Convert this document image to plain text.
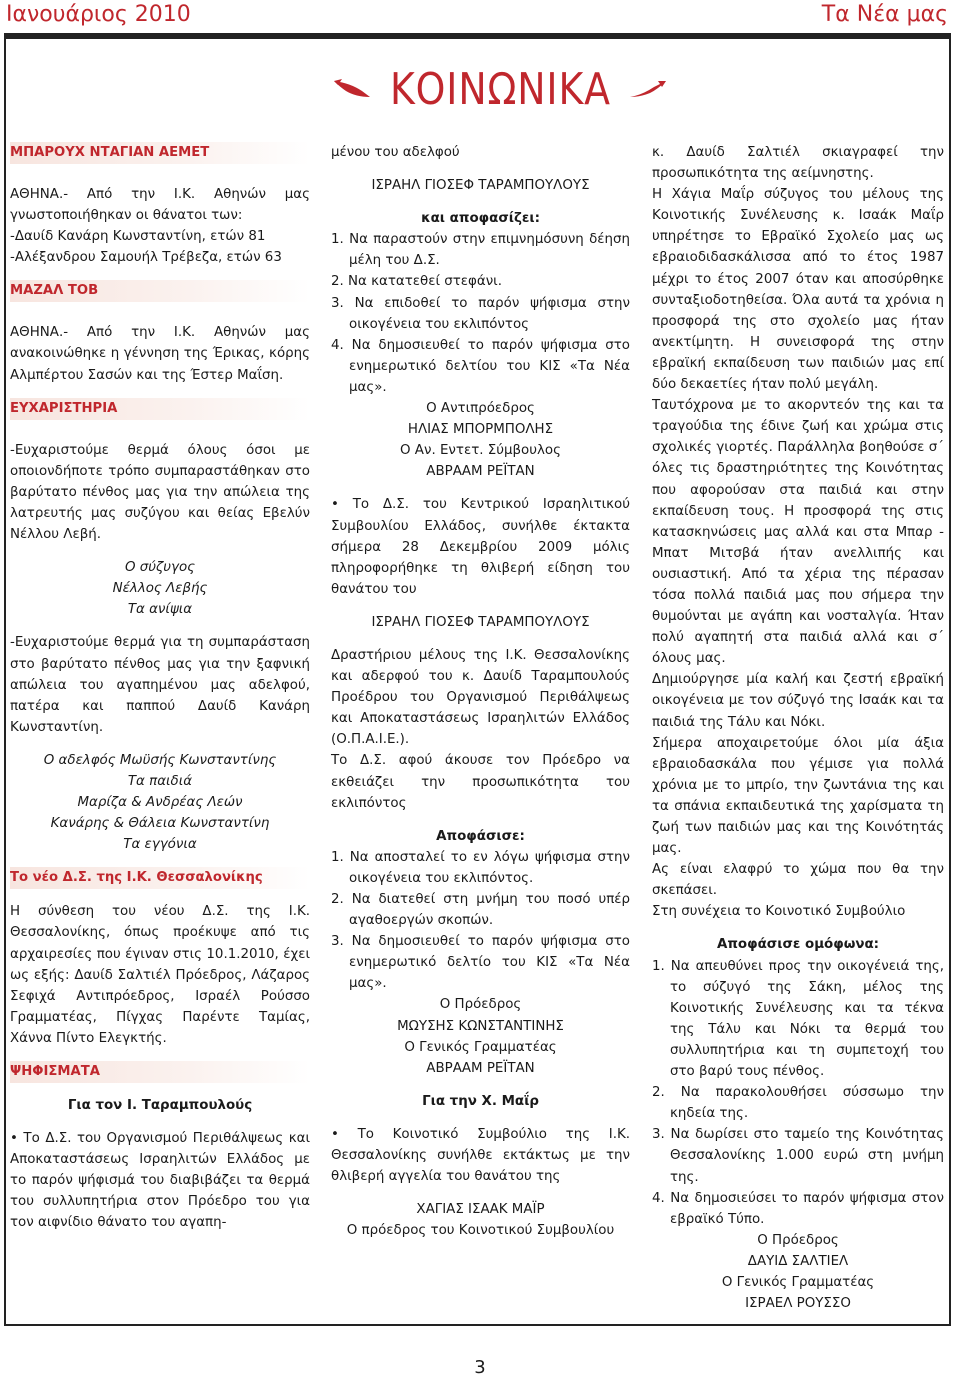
Ιανουάριος 2010	Τα Νέα μας
ΚΟΙΝΩΝΙΚΑ
ΜΠΑΡΟΥΧ ΝΤΑΓΙΑΝ ΑΕΜΕΤ

ΑΘΗΝΑ.- Από την Ι.Κ. Αθηνών μας γνωστοποιήθηκαν οι θάνατοι των:

-Δαυίδ Κανάρη Κωνσταντίνη, ετών 81

-Αλέξανδρου Σαμουήλ Τρέβεζα, ετών 63

ΜΑΖΑΛ ΤΟΒ

ΑΘΗΝΑ.- Από την Ι.Κ. Αθηνών μας ανακοινώθηκε η γέννηση της Έρικας, κόρης Αλμπέρτου Σασών και της Έστερ Μαΐση.

ΕΥΧΑΡΙΣΤΗΡΙΑ

-Ευχαριστούμε θερμά όλους όσοι με οποιονδήποτε τρόπο συμπαραστάθηκαν στο βαρύτατο πένθος μας για την απώλεια της λατρευτής μας συζύγου και θείας Εβελύν Νέλλου Λεβή.

Ο σύζυγος

Νέλλος Λεβής

Τα ανίψια

-Ευχαριστούμε θερμά για τη συμπαράσταση στο βαρύτατο πένθος μας για την ξαφνική απώλεια του αγαπημένου μας αδελφού, πατέρα και παππού Δαυίδ Κανάρη Κωνσταντίνη.

Ο αδελφός Μωϋσής Κωνσταντίνης

Τα παιδιά

Μαρίζα & Ανδρέας Λεών

Κανάρης & Θάλεια Κωνσταντίνη

Τα εγγόνια

Το νέο Δ.Σ. της Ι.Κ. Θεσσαλονίκης

Η σύνθεση του νέου Δ.Σ. της Ι.Κ. Θεσσαλονίκης, όπως προέκυψε από τις αρχαιρεσίες που έγιναν στις 10.1.2010, έχει ως εξής: Δαυίδ Σαλτιέλ Πρόεδρος, Λάζαρος Σεφιχά Αντιπρόεδρος, Ισραέλ Ρούσσο Γραμματέας, Πίγχας Παρέντε Ταμίας, Χάννα Πίντο Ελεγκτής.

ΨΗΦΙΣΜΑΤΑ

Για τον Ι. Ταραμπουλούς

• Το Δ.Σ. του Οργανισμού Περιθάλψεως και Αποκαταστάσεως Ισραηλιτών Ελλάδος με το παρόν ψήφισμά του διαβιβάζει τα θερμά του συλλυπητήρια στον Πρόεδρο του για τον αιφνίδιο θάνατο του αγαπη-

μένου του αδελφού

ΙΣΡΑΗΛ ΓΙΟΣΕΦ ΤΑΡΑΜΠΟΥΛΟΥΣ

και αποφασίζει:

1. Να παραστούν στην επιμνημόσυνη δέηση μέλη του Δ.Σ.

2. Να κατατεθεί στεφάνι.

3. Να επιδοθεί το παρόν ψήφισμα στην οικογένεια του εκλιπόντος

4. Να δημοσιευθεί το παρόν ψήφισμα στο ενημερωτικό δελτίου του ΚΙΣ «Τα Νέα μας».

Ο Αντιπρόεδρος

ΗΛΙΑΣ ΜΠΟΡΜΠΟΛΗΣ

Ο Αν. Εντετ. Σύμβουλος

ΑΒΡΑΑΜ ΡΕΪΤΑΝ

• Το Δ.Σ. του Κεντρικού Ισραηλιτικού Συμβουλίου Ελλάδος, συνήλθε έκτακτα σήμερα 28 Δεκεμβρίου 2009 μόλις πληροφορήθηκε τη θλιβερή είδηση του θανάτου του

ΙΣΡΑΗΛ ΓΙΟΣΕΦ ΤΑΡΑΜΠΟΥΛΟΥΣ

Δραστήριου μέλους της Ι.Κ. Θεσσαλονίκης και αδερφού του κ. Δαυίδ Ταραμπουλούς Προέδρου του Οργανισμού Περιθάλψεως και Αποκαταστάσεως Ισραηλιτών Ελλάδος (Ο.Π.Α.Ι.Ε.).

Το Δ.Σ. αφού άκουσε τον Πρόεδρο να εκθειάζει την προσωπικότητα του εκλιπόντος

Αποφάσισε:

1. Να αποσταλεί το εν λόγω ψήφισμα στην οικογένεια του εκλιπόντος.

2. Να διατεθεί στη μνήμη του ποσό υπέρ αγαθοεργών σκοπών.

3. Να δημοσιευθεί το παρόν ψήφισμα στο ενημερωτικό δελτίο του ΚΙΣ «Τα Νέα μας».

Ο Πρόεδρος

ΜΩΥΣΗΣ ΚΩΝΣΤΑΝΤΙΝΗΣ

Ο Γενικός Γραμματέας

ΑΒΡΑΑΜ ΡΕΪΤΑΝ

Για την Χ. Μαΐρ

• Το Κοινοτικό Συμβούλιο της Ι.Κ. Θεσσαλονίκης συνήλθε εκτάκτως με την θλιβερή αγγελία του θανάτου της

ΧΑΓΙΑΣ ΙΣΑΑΚ ΜΑΪΡ

Ο πρόεδρος του Κοινοτικού Συμβουλίου

κ. Δαυίδ Σαλτιέλ σκιαγραφεί την προσωπικότητα της αείμνηστης.

Η Χάγια Μαΐρ σύζυγος του μέλους της Κοινοτικής Συνέλευσης κ. Ισαάκ Μαΐρ υπηρέτησε το Εβραϊκό Σχολείο μας ως εβραιοδιδασκάλισσα από το έτος 1987 μέχρι το έτος 2007 όταν και αποσύρθηκε συνταξιοδοτηθείσα. Όλα αυτά τα χρόνια η προσφορά της στο σχολείο μας ήταν ανεκτίμητη. Η συνεισφορά της στην εβραϊκή εκπαίδευση των παιδιών μας επί δύο δεκαετίες ήταν πολύ μεγάλη.

Ταυτόχρονα με το ακορντεόν της και τα τραγούδια της έδινε ζωή και χρώμα στις σχολικές γιορτές. Παράλληλα βοηθούσε σ΄ όλες τις δραστηριότητες της Κοινότητας που αφορούσαν στα παιδιά και στην εκπαίδευση τους. Η προσφορά της στις κατασκηνώσεις μας αλλά και στα Μπαρ - Μπατ Μιτσβά ήταν ανελλιπής και ουσιαστική. Από τα χέρια της πέρασαν τόσα πολλά παιδιά μας που σήμερα την θυμούνται με αγάπη και νοσταλγία. Ήταν πολύ αγαπητή στα παιδιά αλλά και σ΄ όλους μας.

Δημιούργησε μία καλή και ζεστή εβραϊκή οικογένεια με τον σύζυγό της Ισαάκ και τα παιδιά της Τάλυ και Νόκι.

Σήμερα αποχαιρετούμε όλοι μία άξια εβραιοδασκάλα που γέμισε για πολλά χρόνια με το μπρίο, την ζωντάνια της και τα σπάνια εκπαιδευτικά της χαρίσματα τη ζωή των παιδιών μας και της Κοινότητάς μας.

Ας είναι ελαφρύ το χώμα που θα την σκεπάσει.

Στη συνέχεια το Κοινοτικό Συμβούλιο

Αποφάσισε ομόφωνα:

1. Να απευθύνει προς την οικογένειά της, το σύζυγό της Σάκη, μέλος της Κοινοτικής Συνέλευσης και τα τέκνα της Τάλυ και Νόκι τα θερμά του συλλυπητήρια και τη συμπετοχή του στο βαρύ τους πένθος.

2. Να παρακολουθήσει σύσσωμο την κηδεία της.

3. Να δωρίσει στο ταμείο της Κοινότητας Θεσσαλονίκης 1.000 ευρώ στη μνήμη της.

4. Να δημοσιεύσει το παρόν ψήφισμα στον εβραϊκό Τύπο.

Ο Πρόεδρος

ΔΑΥΙΔ ΣΑΛΤΙΕΛ

Ο Γενικός Γραμματέας

ΙΣΡΑΕΛ ΡΟΥΣΣΟ

3
